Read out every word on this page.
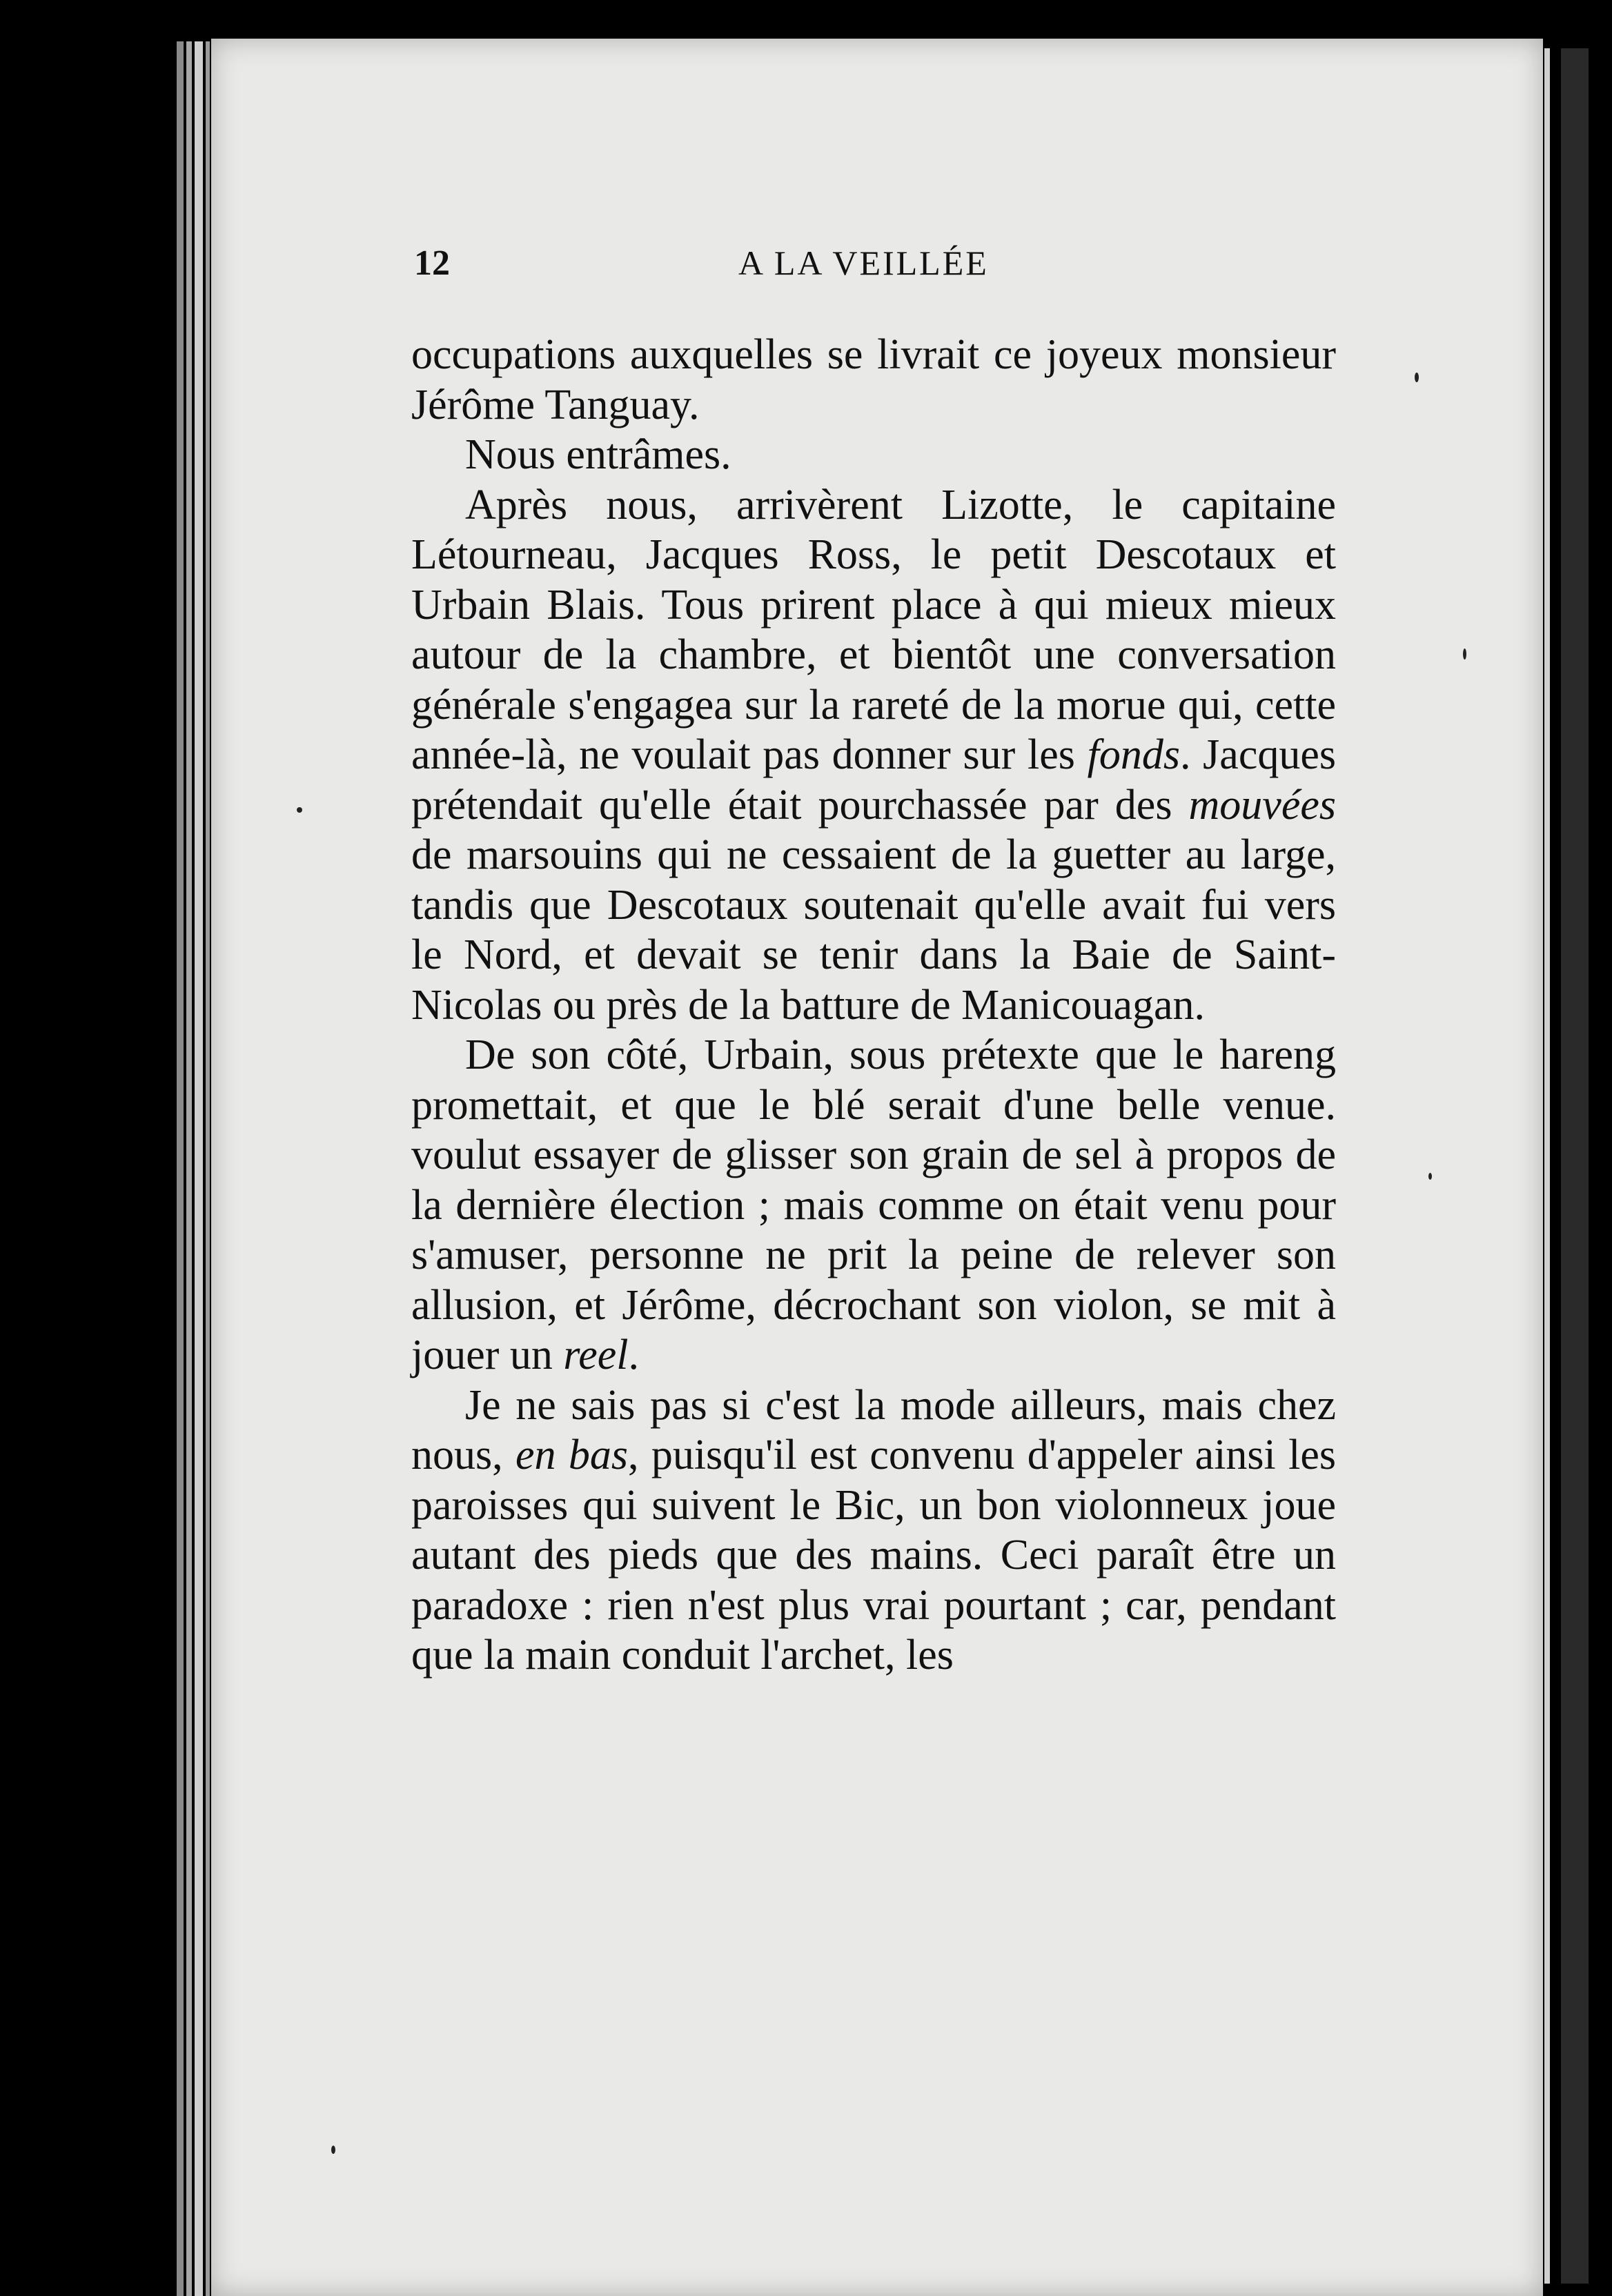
12	A LA VEILLÉE

occupations auxquelles se livrait ce joyeux monsieur Jérôme Tanguay.

Nous entrâmes.

Après nous, arrivèrent Lizotte, le capitaine Létourneau, Jacques Ross, le petit Descotaux et Urbain Blais. Tous prirent place à qui mieux mieux autour de la chambre, et bientôt une conversation générale s'engagea sur la rareté de la morue qui, cette année-là, ne voulait pas donner sur les fonds. Jacques prétendait qu'elle était pourchassée par des mouvées de marsouins qui ne cessaient de la guetter au large, tandis que Descotaux soutenait qu'elle avait fui vers le Nord, et devait se tenir dans la Baie de Saint-Nicolas ou près de la batture de Manicouagan.

De son côté, Urbain, sous prétexte que le hareng promettait, et que le blé serait d'une belle venue. voulut essayer de glisser son grain de sel à propos de la dernière élection ; mais comme on était venu pour s'amuser, personne ne prit la peine de relever son allusion, et Jérôme, décrochant son violon, se mit à jouer un reel.

Je ne sais pas si c'est la mode ailleurs, mais chez nous, en bas, puisqu'il est convenu d'appeler ainsi les paroisses qui suivent le Bic, un bon violonneux joue autant des pieds que des mains. Ceci paraît être un paradoxe : rien n'est plus vrai pourtant ; car, pendant que la main conduit l'archet, les
